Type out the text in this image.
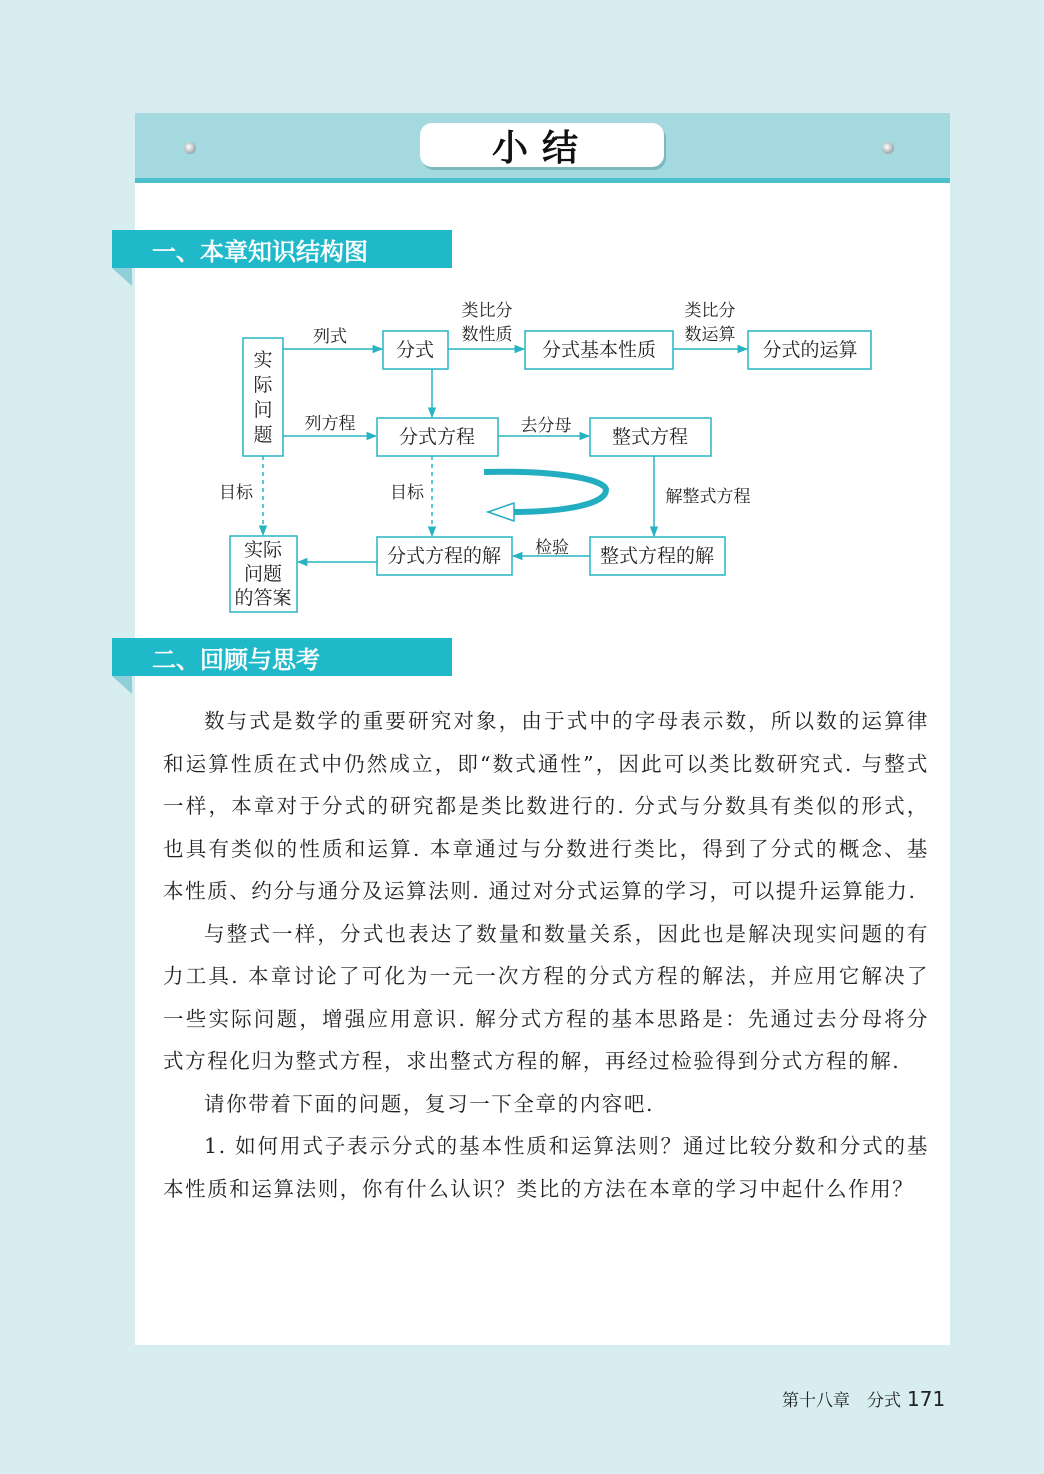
小结
一、本章知识结构图
二、回顾与思考
实
际
问
题
分式	分式基本性质	分式的运算
分式方程	整式方程
实际
问题
的答案
分式方程的解	整式方程的解
列式
列方程
类比分
数性质
类比分
数运算
去分母
解整式方程
目标	目标
检验

数与式是数学的重要研究对象，由于式中的字母表示数，所以数的运算律和运算性质在式中仍然成立，即“数式通性”，因此可以类比数研究式. 与整式一样，本章对于分式的研究都是类比数进行的. 分式与分数具有类似的形式，也具有类似的性质和运算. 本章通过与分数进行类比，得到了分式的概念、基本性质、约分与通分及运算法则. 通过对分式运算的学习，可以提升运算能力.

与整式一样，分式也表达了数量和数量关系，因此也是解决现实问题的有力工具. 本章讨论了可化为一元一次方程的分式方程的解法，并应用它解决了一些实际问题，增强应用意识. 解分式方程的基本思路是：先通过去分母将分式方程化归为整式方程，求出整式方程的解，再经过检验得到分式方程的解.

请你带着下面的问题，复习一下全章的内容吧.

1. 如何用式子表示分式的基本性质和运算法则？通过比较分数和分式的基本性质和运算法则，你有什么认识？类比的方法在本章的学习中起什么作用？

第十八章　分式 171
